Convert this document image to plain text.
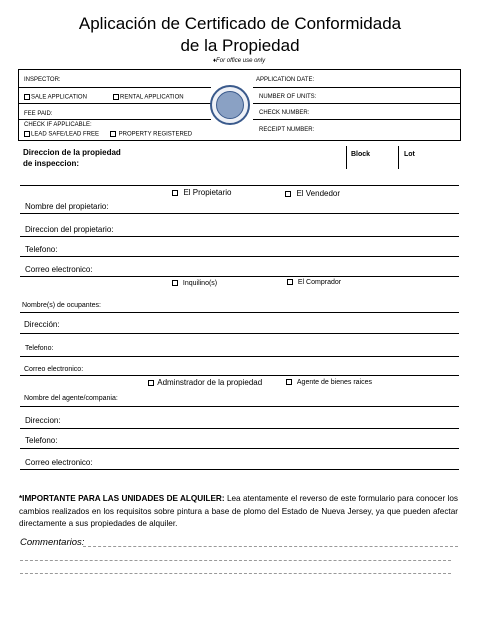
Aplicación de Certificado de Conformidada
de la Propiedad
♦For office use only
INSPECTOR:
SALE APPLICATION	RENTAL APPLICATION
FEE PAID:
CHECK IF APPLICABLE:
LEAD SAFE/LEAD FREE	PROPERTY REGISTERED
APPLICATION DATE:
NUMBER OF UNITS:
CHECK NUMBER:
RECEIPT NUMBER:
Direccion de la propiedad
de inspeccion:
Block	Lot
El Propietario	El Vendedor
Nombre del propietario:
Direccion del propietario:
Telefono:
Correo electronico:
Inquilino(s)	El Comprador
Nombre(s) de ocupantes:
Dirección:
Telefono:
Correo electronico:
Adminstrador de la propiedad	Agente de bienes raices
Nombre del agente/compania:
Direccion:
Telefono:
Correo electronico:
*IMPORTANTE PARA LAS UNIDADES DE ALQUILER: Lea atentamente el reverso de este formulario para conocer los cambios realizados en los requisitos sobre pintura a base de plomo del Estado de Nueva Jersey, ya que pueden afectar directamente a sus propiedades de alquiler.
Commentarios:
